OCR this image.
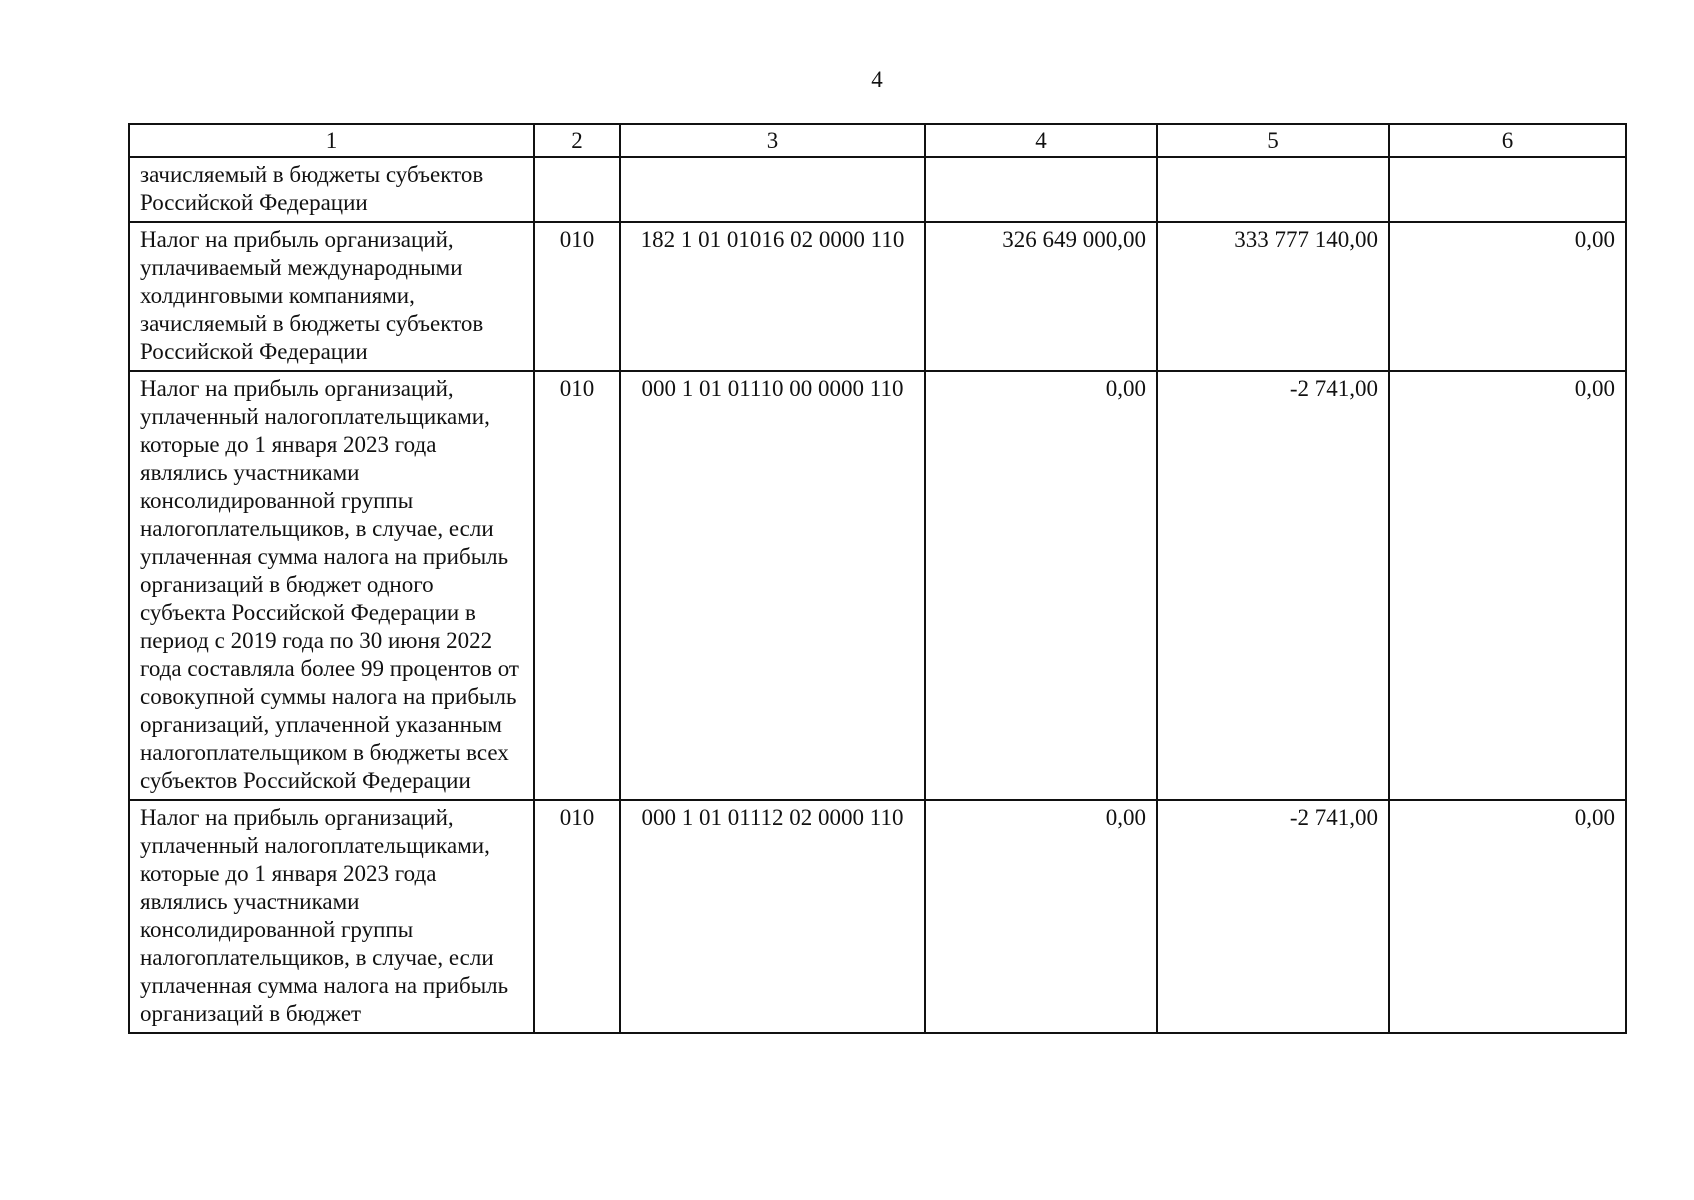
4
1	2	3	4	5	6
зачисляемый в бюджеты субъектов Российской Федерации					
Налог на прибыль организаций, уплачиваемый международными холдинговыми компаниями, зачисляемый в бюджеты субъектов Российской Федерации	010	182 1 01 01016 02 0000 110	326 649 000,00	333 777 140,00	0,00
Налог на прибыль организаций, уплаченный налогоплательщиками, которые до 1 января 2023 года являлись участниками консолидированной группы налогоплательщиков, в случае, если уплаченная сумма налога на прибыль организаций в бюджет одного субъекта Российской Федерации в период с 2019 года по 30 июня 2022 года составляла более 99 процентов от совокупной суммы налога на прибыль организаций, уплаченной указанным налогоплательщиком в бюджеты всех субъектов Российской Федерации	010	000 1 01 01110 00 0000 110	0,00	-2 741,00	0,00
Налог на прибыль организаций, уплаченный налогоплательщиками, которые до 1 января 2023 года являлись участниками консолидированной группы налогоплательщиков, в случае, если уплаченная сумма налога на прибыль организаций в бюджет	010	000 1 01 01112 02 0000 110	0,00	-2 741,00	0,00
